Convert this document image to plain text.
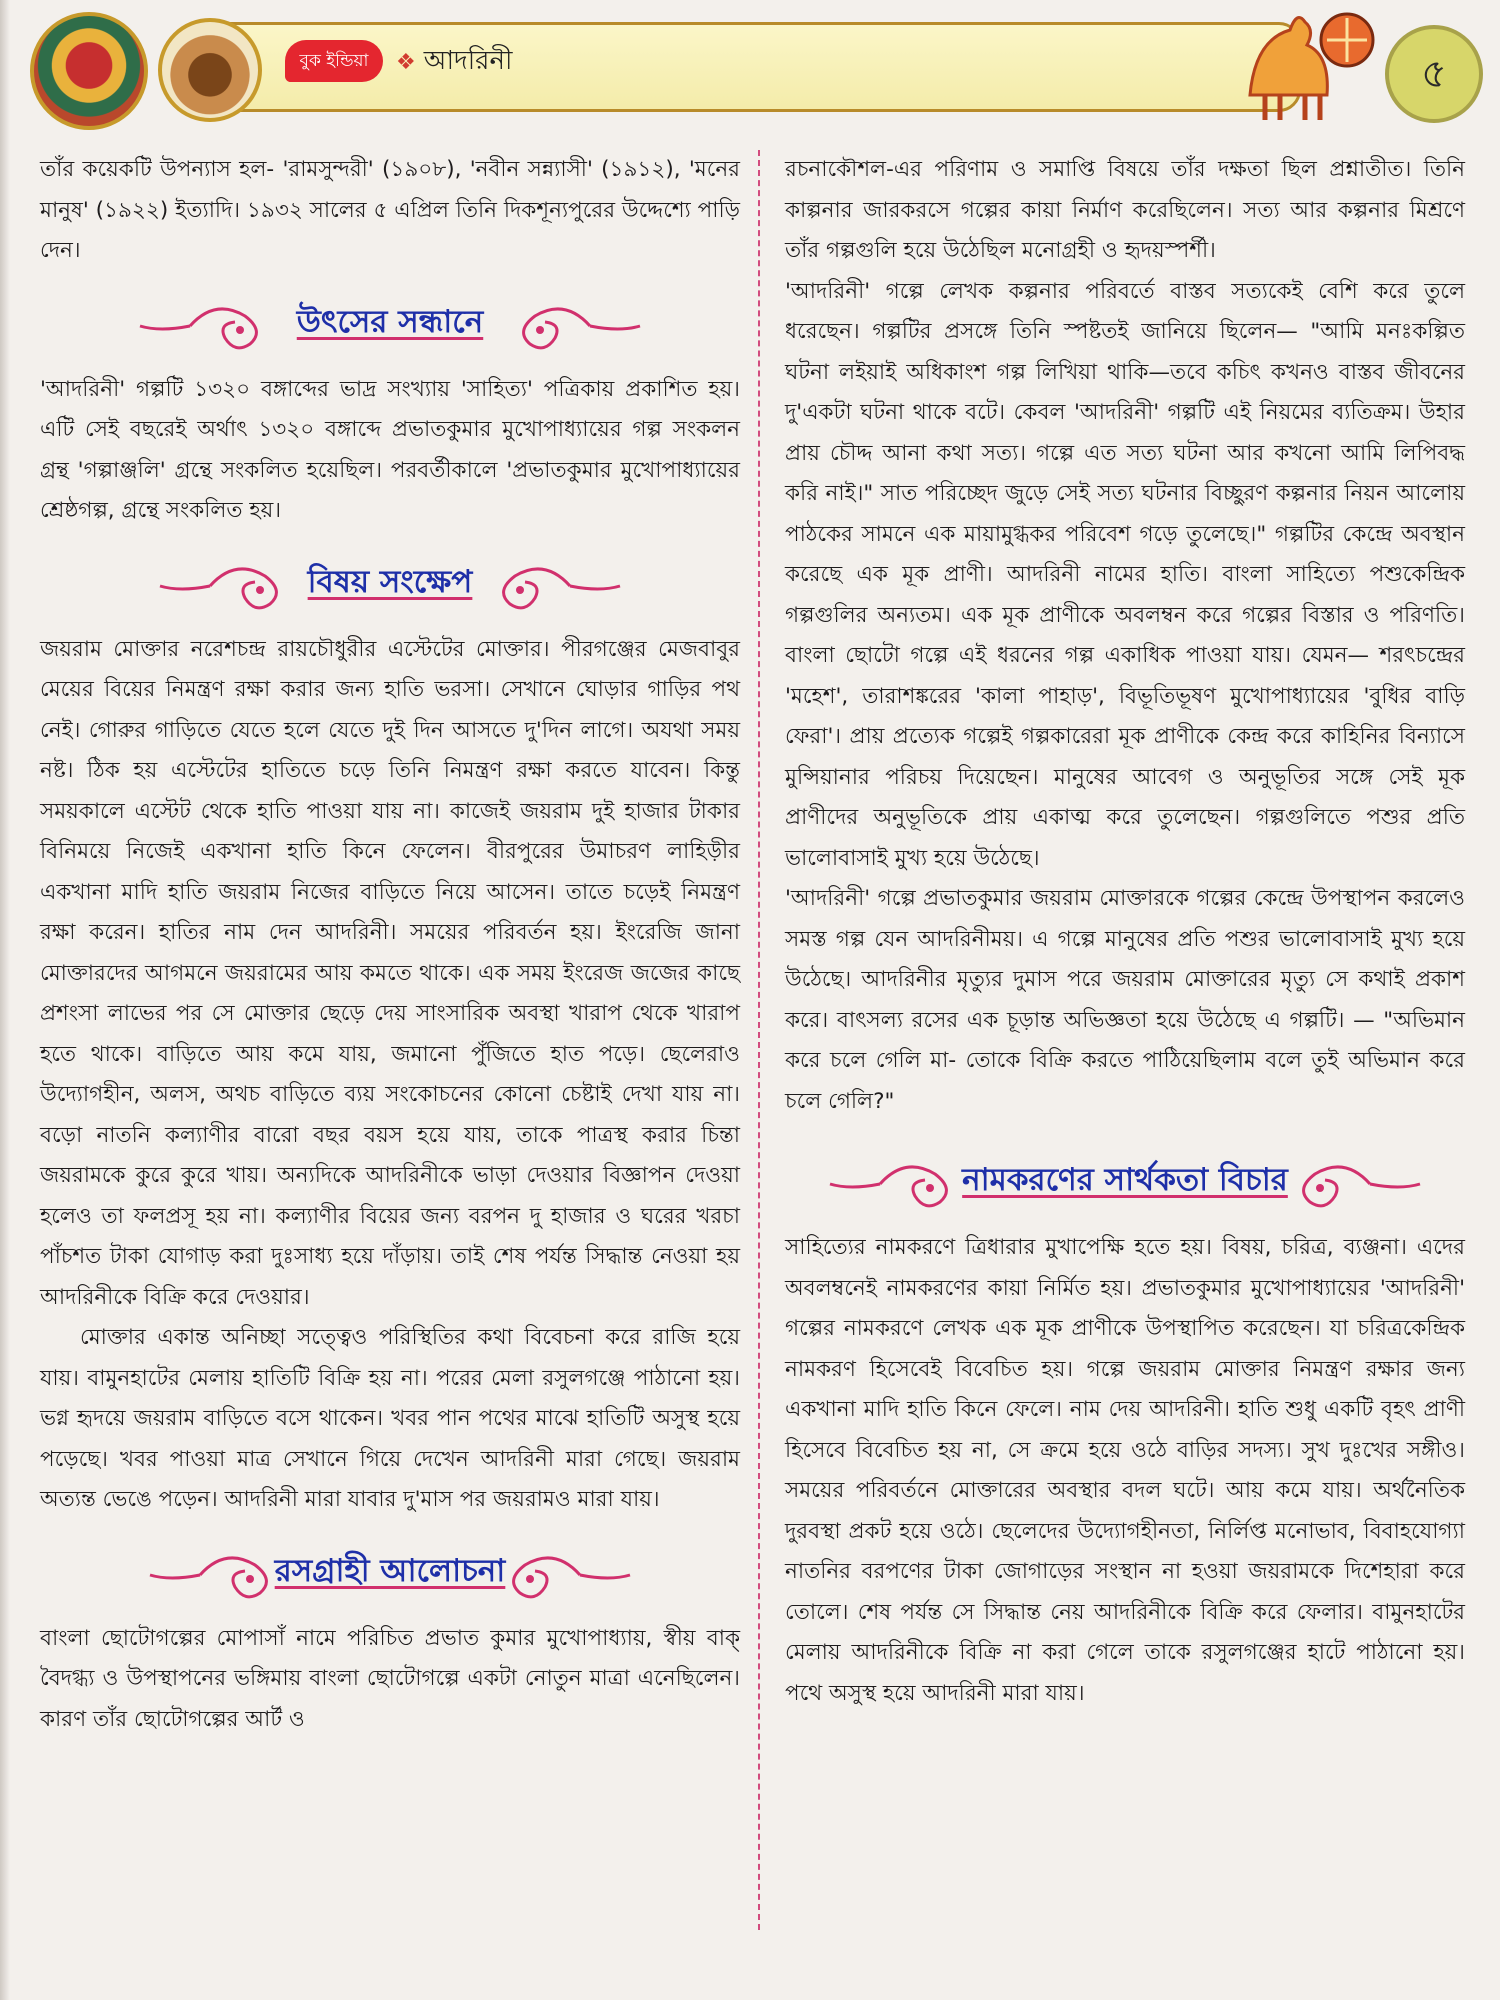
বুক ইন্ডিয়া	❖ আদরিনী	৫

তাঁর কয়েকটি উপন্যাস হল- 'রামসুন্দরী' (১৯০৮), 'নবীন সন্ন্যাসী' (১৯১২), 'মনের মানুষ' (১৯২২) ইত্যাদি। ১৯৩২ সালের ৫ এপ্রিল তিনি দিকশূন্যপুরের উদ্দেশ্যে পাড়ি দেন।

উৎসের সন্ধানে

'আদরিনী' গল্পটি ১৩২০ বঙ্গাব্দের ভাদ্র সংখ্যায় 'সাহিত্য' পত্রিকায় প্রকাশিত হয়। এটি সেই বছরেই অর্থাৎ ১৩২০ বঙ্গাব্দে প্রভাতকুমার মুখোপাধ্যায়ের গল্প সংকলন গ্রন্থ 'গল্পাঞ্জলি' গ্রন্থে সংকলিত হয়েছিল। পরবর্তীকালে 'প্রভাতকুমার মুখোপাধ্যায়ের শ্রেষ্ঠগল্প, গ্রন্থে সংকলিত হয়।

বিষয় সংক্ষেপ

জয়রাম মোক্তার নরেশচন্দ্র রায়চৌধুরীর এস্টেটের মোক্তার। পীরগঞ্জের মেজবাবুর মেয়ের বিয়ের নিমন্ত্রণ রক্ষা করার জন্য হাতি ভরসা। সেখানে ঘোড়ার গাড়ির পথ নেই। গোরুর গাড়িতে যেতে হলে যেতে দুই দিন আসতে দু'দিন লাগে। অযথা সময় নষ্ট। ঠিক হয় এস্টেটের হাতিতে চড়ে তিনি নিমন্ত্রণ রক্ষা করতে যাবেন। কিন্তু সময়কালে এস্টেট থেকে হাতি পাওয়া যায় না। কাজেই জয়রাম দুই হাজার টাকার বিনিময়ে নিজেই একখানা হাতি কিনে ফেলেন। বীরপুরের উমাচরণ লাহিড়ীর একখানা মাদি হাতি জয়রাম নিজের বাড়িতে নিয়ে আসেন। তাতে চড়েই নিমন্ত্রণ রক্ষা করেন। হাতির নাম দেন আদরিনী। সময়ের পরিবর্তন হয়। ইংরেজি জানা মোক্তারদের আগমনে জয়রামের আয় কমতে থাকে। এক সময় ইংরেজ জজের কাছে প্রশংসা লাভের পর সে মোক্তার ছেড়ে দেয় সাংসারিক অবস্থা খারাপ থেকে খারাপ হতে থাকে। বাড়িতে আয় কমে যায়, জমানো পুঁজিতে হাত পড়ে। ছেলেরাও উদ্যোগহীন, অলস, অথচ বাড়িতে ব্যয় সংকোচনের কোনো চেষ্টাই দেখা যায় না। বড়ো নাতনি কল্যাণীর বারো বছর বয়স হয়ে যায়, তাকে পাত্রস্থ করার চিন্তা জয়রামকে কুরে কুরে খায়। অন্যদিকে আদরিনীকে ভাড়া দেওয়ার বিজ্ঞাপন দেওয়া হলেও তা ফলপ্রসূ হয় না। কল্যাণীর বিয়ের জন্য বরপন দু হাজার ও ঘরের খরচা পাঁচশত টাকা যোগাড় করা দুঃসাধ্য হয়ে দাঁড়ায়। তাই শেষ পর্যন্ত সিদ্ধান্ত নেওয়া হয় আদরিনীকে বিক্রি করে দেওয়ার।

মোক্তার একান্ত অনিচ্ছা সত্ত্বেও পরিস্থিতির কথা বিবেচনা করে রাজি হয়ে যায়। বামুনহাটের মেলায় হাতিটি বিক্রি হয় না। পরের মেলা রসুলগঞ্জে পাঠানো হয়। ভগ্ন হৃদয়ে জয়রাম বাড়িতে বসে থাকেন। খবর পান পথের মাঝে হাতিটি অসুস্থ হয়ে পড়েছে। খবর পাওয়া মাত্র সেখানে গিয়ে দেখেন আদরিনী মারা গেছে। জয়রাম অত্যন্ত ভেঙে পড়েন। আদরিনী মারা যাবার দু'মাস পর জয়রামও মারা যায়।

রসগ্রাহী আলোচনা

বাংলা ছোটোগল্পের মোপাসাঁ নামে পরিচিত প্রভাত কুমার মুখোপাধ্যায়, স্বীয় বাক্ বৈদগ্ধ্য ও উপস্থাপনের ভঙ্গিমায় বাংলা ছোটোগল্পে একটা নোতুন মাত্রা এনেছিলেন। কারণ তাঁর ছোটোগল্পের আর্ট ও

রচনাকৌশল-এর পরিণাম ও সমাপ্তি বিষয়ে তাঁর দক্ষতা ছিল প্রশ্নাতীত। তিনি কাল্পনার জারকরসে গল্পের কায়া নির্মাণ করেছিলেন। সত্য আর কল্পনার মিশ্রণে তাঁর গল্পগুলি হয়ে উঠেছিল মনোগ্রহী ও হৃদয়স্পর্শী।

'আদরিনী' গল্পে লেখক কল্পনার পরিবর্তে বাস্তব সত্যকেই বেশি করে তুলে ধরেছেন। গল্পটির প্রসঙ্গে তিনি স্পষ্টতই জানিয়ে ছিলেন— "আমি মনঃকল্পিত ঘটনা লইয়াই অধিকাংশ গল্প লিখিয়া থাকি—তবে কচিৎ কখনও বাস্তব জীবনের দু'একটা ঘটনা থাকে বটে। কেবল 'আদরিনী' গল্পটি এই নিয়মের ব্যতিক্রম। উহার প্রায় চৌদ্দ আনা কথা সত্য। গল্পে এত সত্য ঘটনা আর কখনো আমি লিপিবদ্ধ করি নাই।" সাত পরিচ্ছেদ জুড়ে সেই সত্য ঘটনার বিচ্ছুরণ কল্পনার নিয়ন আলোয় পাঠকের সামনে এক মায়ামুগ্ধকর পরিবেশ গড়ে তুলেছে।" গল্পটির কেন্দ্রে অবস্থান করেছে এক মূক প্রাণী। আদরিনী নামের হাতি। বাংলা সাহিত্যে পশুকেন্দ্রিক গল্পগুলির অন্যতম। এক মূক প্রাণীকে অবলম্বন করে গল্পের বিস্তার ও পরিণতি। বাংলা ছোটো গল্পে এই ধরনের গল্প একাধিক পাওয়া যায়। যেমন— শরৎচন্দ্রের 'মহেশ', তারাশঙ্করের 'কালা পাহাড়', বিভূতিভূষণ মুখোপাধ্যায়ের 'বুধির বাড়ি ফেরা'। প্রায় প্রত্যেক গল্পেই গল্পকারেরা মূক প্রাণীকে কেন্দ্র করে কাহিনির বিন্যাসে মুন্সিয়ানার পরিচয় দিয়েছেন। মানুষের আবেগ ও অনুভূতির সঙ্গে সেই মূক প্রাণীদের অনুভূতিকে প্রায় একাত্ম করে তুলেছেন। গল্পগুলিতে পশুর প্রতি ভালোবাসাই মুখ্য হয়ে উঠেছে।

'আদরিনী' গল্পে প্রভাতকুমার জয়রাম মোক্তারকে গল্পের কেন্দ্রে উপস্থাপন করলেও সমস্ত গল্প যেন আদরিনীময়। এ গল্পে মানুষের প্রতি পশুর ভালোবাসাই মুখ্য হয়ে উঠেছে। আদরিনীর মৃত্যুর দুমাস পরে জয়রাম মোক্তারের মৃত্যু সে কথাই প্রকাশ করে। বাৎসল্য রসের এক চূড়ান্ত অভিজ্ঞতা হয়ে উঠেছে এ গল্পটি। — "অভিমান করে চলে গেলি মা- তোকে বিক্রি করতে পাঠিয়েছিলাম বলে তুই অভিমান করে চলে গেলি?"

নামকরণের সার্থকতা বিচার

সাহিত্যের নামকরণে ত্রিধারার মুখাপেক্ষি হতে হয়। বিষয়, চরিত্র, ব্যঞ্জনা। এদের অবলম্বনেই নামকরণের কায়া নির্মিত হয়। প্রভাতকুমার মুখোপাধ্যায়ের 'আদরিনী' গল্পের নামকরণে লেখক এক মূক প্রাণীকে উপস্থাপিত করেছেন। যা চরিত্রকেন্দ্রিক নামকরণ হিসেবেই বিবেচিত হয়। গল্পে জয়রাম মোক্তার নিমন্ত্রণ রক্ষার জন্য একখানা মাদি হাতি কিনে ফেলে। নাম দেয় আদরিনী। হাতি শুধু একটি বৃহৎ প্রাণী হিসেবে বিবেচিত হয় না, সে ক্রমে হয়ে ওঠে বাড়ির সদস্য। সুখ দুঃখের সঙ্গীও। সময়ের পরিবর্তনে মোক্তারের অবস্থার বদল ঘটে। আয় কমে যায়। অর্থনৈতিক দুরবস্থা প্রকট হয়ে ওঠে। ছেলেদের উদ্যোগহীনতা, নির্লিপ্ত মনোভাব, বিবাহযোগ্যা নাতনির বরপণের টাকা জোগাড়ের সংস্থান না হওয়া জয়রামকে দিশেহারা করে তোলে। শেষ পর্যন্ত সে সিদ্ধান্ত নেয় আদরিনীকে বিক্রি করে ফেলার। বামুনহাটের মেলায় আদরিনীকে বিক্রি না করা গেলে তাকে রসুলগঞ্জের হাটে পাঠানো হয়। পথে অসুস্থ হয়ে আদরিনী মারা যায়।
